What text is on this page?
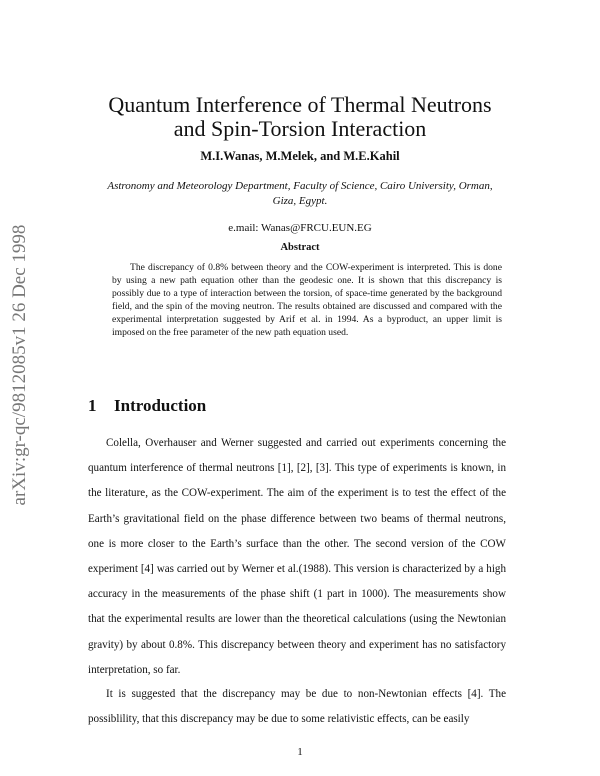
arXiv:gr-qc/9812085v1 26 Dec 1998
Quantum Interference of Thermal Neutrons
and Spin-Torsion Interaction
M.I.Wanas, M.Melek, and M.E.Kahil
Astronomy and Meteorology Department, Faculty of Science, Cairo University, Orman,
Giza, Egypt.
e.mail: Wanas@FRCU.EUN.EG
Abstract
The discrepancy of 0.8% between theory and the COW-experiment is interpreted. This is done by using a new path equation other than the geodesic one. It is shown that this discrepancy is possibly due to a type of interaction between the torsion, of space-time generated by the background field, and the spin of the moving neutron. The results obtained are discussed and compared with the experimental interpretation suggested by Arif et al. in 1994. As a byproduct, an upper limit is imposed on the free parameter of the new path equation used.
1 Introduction
Colella, Overhauser and Werner suggested and carried out experiments concerning the quantum interference of thermal neutrons [1], [2], [3]. This type of experiments is known, in the literature, as the COW-experiment. The aim of the experiment is to test the effect of the Earth’s gravitational field on the phase difference between two beams of thermal neutrons, one is more closer to the Earth’s surface than the other. The second version of the COW experiment [4] was carried out by Werner et al.(1988). This version is characterized by a high accuracy in the measurements of the phase shift (1 part in 1000). The measurements show that the experimental results are lower than the theoretical calculations (using the Newtonian gravity) by about 0.8%. This discrepancy between theory and experiment has no satisfactory interpretation, so far.
It is suggested that the discrepancy may be due to non-Newtonian effects [4]. The possiblility, that this discrepancy may be due to some relativistic effects, can be easily
1
